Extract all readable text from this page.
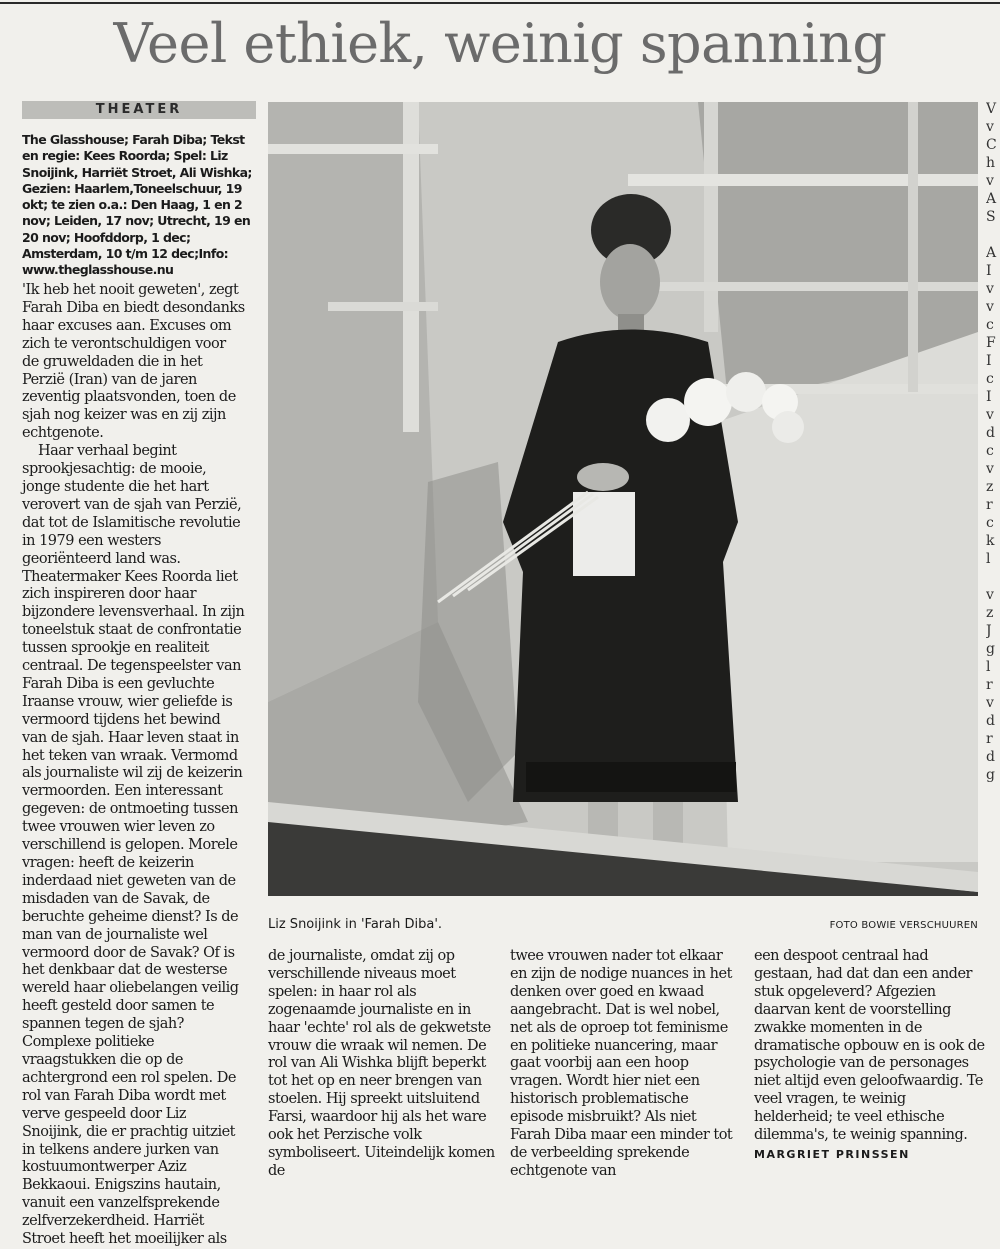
Veel ethiek, weinig spanning
THEATER
The Glasshouse; Farah Diba; Tekst en regie: Kees Roorda; Spel: Liz Snoijink, Harriët Stroet, Ali Wishka; Gezien: Haarlem,Toneelschuur, 19 okt; te zien o.a.: Den Haag, 1 en 2 nov; Leiden, 17 nov; Utrecht, 19 en 20 nov; Hoofddorp, 1 dec; Amsterdam, 10 t/m 12 dec;Info: www.theglasshouse.nu

'Ik heb het nooit geweten', zegt Farah Diba en biedt desondanks haar excuses aan. Excuses om zich te verontschuldigen voor de gruweldaden die in het Perzië (Iran) van de jaren zeventig plaatsvonden, toen de sjah nog keizer was en zij zijn echtgenote.

Haar verhaal begint sprookjesachtig: de mooie, jonge studente die het hart verovert van de sjah van Perzië, dat tot de Islamitische revolutie in 1979 een westers georiënteerd land was. Theatermaker Kees Roorda liet zich inspireren door haar bijzondere levensverhaal. In zijn toneelstuk staat de confrontatie tussen sprookje en realiteit centraal. De tegenspeelster van Farah Diba is een gevluchte Iraanse vrouw, wier geliefde is vermoord tijdens het bewind van de sjah. Haar leven staat in het teken van wraak. Vermomd als journaliste wil zij de keizerin vermoorden. Een interessant gegeven: de ontmoeting tussen twee vrouwen wier leven zo verschillend is gelopen. Morele vragen: heeft de keizerin inderdaad niet geweten van de misdaden van de Savak, de beruchte geheime dienst? Is de man van de journaliste wel vermoord door de Savak? Of is het denkbaar dat de westerse wereld haar oliebelangen veilig heeft gesteld door samen te spannen tegen de sjah? Complexe politieke vraagstukken die op de achtergrond een rol spelen. De rol van Farah Diba wordt met verve gespeeld door Liz Snoijink, die er prachtig uitziet in telkens andere jurken van kostuumontwerper Aziz Bekkaoui. Enigszins hautain, vanuit een vanzelfsprekende zelfverzekerdheid. Harriët Stroet heeft het moeilijker als

Liz Snoijink in 'Farah Diba'.	FOTO BOWIE VERSCHUUREN

de journaliste, omdat zij op verschillende niveaus moet spelen: in haar rol als zogenaamde journaliste en in haar 'echte' rol als de gekwetste vrouw die wraak wil nemen. De rol van Ali Wishka blijft beperkt tot het op en neer brengen van stoelen. Hij spreekt uitsluitend Farsi, waardoor hij als het ware ook het Perzische volk symboliseert. Uiteindelijk komen de

twee vrouwen nader tot elkaar en zijn de nodige nuances in het denken over goed en kwaad aangebracht. Dat is wel nobel, net als de oproep tot feminisme en politieke nuancering, maar gaat voorbij aan een hoop vragen. Wordt hier niet een historisch problematische episode misbruikt? Als niet Farah Diba maar een minder tot de verbeelding sprekende echtgenote van

een despoot centraal had gestaan, had dat dan een ander stuk opgeleverd? Afgezien daarvan kent de voorstelling zwakke momenten in de dramatische opbouw en is ook de psychologie van de personages niet altijd even geloofwaardig. Te veel vragen, te weinig helderheid; te veel ethische dilemma's, te weinig spanning.

MARGRIET PRINSSEN
V
v
C
h
v
A
S

A
I
v
v
c
F
I
c
I
v
d
c
v
z
r
c
k
l

v
z
J
g
l
r
v
d
r
d
g
